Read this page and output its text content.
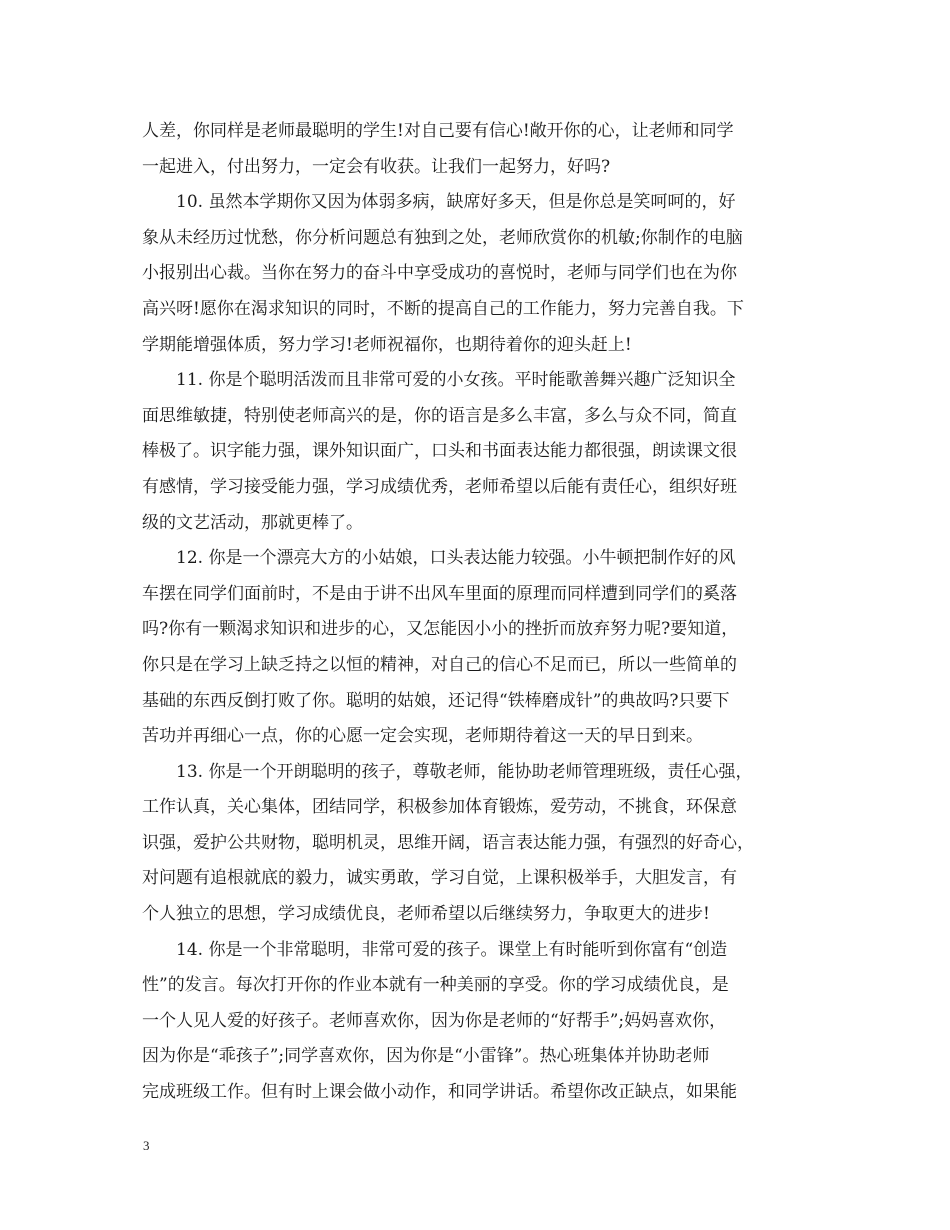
人差，你同样是老师最聪明的学生!对自己要有信心!敞开你的心，让老师和同学
一起进入，付出努力，一定会有收获。让我们一起努力，好吗?
10. 虽然本学期你又因为体弱多病，缺席好多天，但是你总是笑呵呵的，好
象从未经历过忧愁，你分析问题总有独到之处，老师欣赏你的机敏;你制作的电脑
小报别出心裁。当你在努力的奋斗中享受成功的喜悦时，老师与同学们也在为你
高兴呀!愿你在渴求知识的同时，不断的提高自己的工作能力，努力完善自我。下
学期能增强体质，努力学习!老师祝福你，也期待着你的迎头赶上!
11. 你是个聪明活泼而且非常可爱的小女孩。平时能歌善舞兴趣广泛知识全
面思维敏捷，特别使老师高兴的是，你的语言是多么丰富，多么与众不同，简直
棒极了。识字能力强，课外知识面广，口头和书面表达能力都很强，朗读课文很
有感情，学习接受能力强，学习成绩优秀，老师希望以后能有责任心，组织好班
级的文艺活动，那就更棒了。
12. 你是一个漂亮大方的小姑娘，口头表达能力较强。小牛顿把制作好的风
车摆在同学们面前时，不是由于讲不出风车里面的原理而同样遭到同学们的奚落
吗?你有一颗渴求知识和进步的心，又怎能因小小的挫折而放弃努力呢?要知道，
你只是在学习上缺乏持之以恒的精神，对自己的信心不足而已，所以一些简单的
基础的东西反倒打败了你。聪明的姑娘，还记得“铁棒磨成针”的典故吗?只要下
苦功并再细心一点，你的心愿一定会实现，老师期待着这一天的早日到来。
13. 你是一个开朗聪明的孩子，尊敬老师，能协助老师管理班级，责任心强，
工作认真，关心集体，团结同学，积极参加体育锻炼，爱劳动，不挑食，环保意
识强，爱护公共财物，聪明机灵，思维开阔，语言表达能力强，有强烈的好奇心，
对问题有追根就底的毅力，诚实勇敢，学习自觉，上课积极举手，大胆发言，有
个人独立的思想，学习成绩优良，老师希望以后继续努力，争取更大的进步!
14. 你是一个非常聪明，非常可爱的孩子。课堂上有时能听到你富有“创造
性”的发言。每次打开你的作业本就有一种美丽的享受。你的学习成绩优良，是
一个人见人爱的好孩子。老师喜欢你，因为你是老师的“好帮手”;妈妈喜欢你，
因为你是“乖孩子”;同学喜欢你，因为你是“小雷锋”。热心班集体并协助老师
完成班级工作。但有时上课会做小动作，和同学讲话。希望你改正缺点，如果能
3
